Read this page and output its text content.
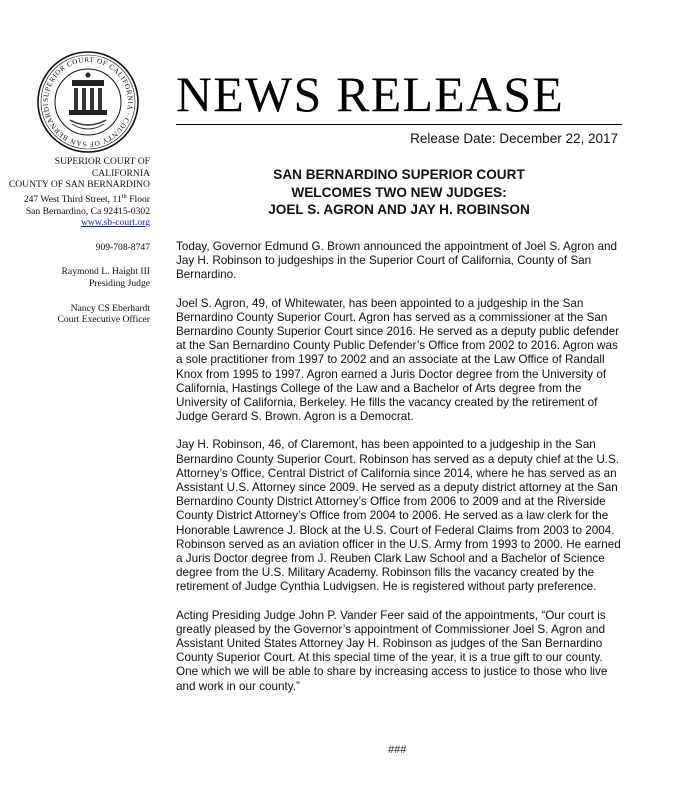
SUPERIOR COURT OF CALIFORNIA · COUNTY OF SAN BERNARDI	NEWS RELEASE
Release Date: December 22, 2017
SUPERIOR COURT OF
CALIFORNIA
COUNTY OF SAN BERNARDINO
247 West Third Street, 11th Floor
San Bernardino, Ca 92415-0302
www.sb-court.org
909-708-8747
Raymond L. Haight III
Presiding Judge
Nancy CS Eberhardt
Court Executive Officer
SAN BERNARDINO SUPERIOR COURT
WELCOMES TWO NEW JUDGES:
JOEL S. AGRON AND JAY H. ROBINSON

Today, Governor Edmund G. Brown announced the appointment of Joel S. Agron and Jay H. Robinson to judgeships in the Superior Court of California, County of San Bernardino.

Joel S. Agron, 49, of Whitewater, has been appointed to a judgeship in the San Bernardino County Superior Court. Agron has served as a commissioner at the San Bernardino County Superior Court since 2016. He served as a deputy public defender at the San Bernardino County Public Defender’s Office from 2002 to 2016. Agron was a sole practitioner from 1997 to 2002 and an associate at the Law Office of Randall Knox from 1995 to 1997. Agron earned a Juris Doctor degree from the University of California, Hastings College of the Law and a Bachelor of Arts degree from the University of California, Berkeley. He fills the vacancy created by the retirement of Judge Gerard S. Brown. Agron is a Democrat.

Jay H. Robinson, 46, of Claremont, has been appointed to a judgeship in the San Bernardino County Superior Court. Robinson has served as a deputy chief at the U.S. Attorney’s Office, Central District of California since 2014, where he has served as an Assistant U.S. Attorney since 2009. He served as a deputy district attorney at the San Bernardino County District Attorney’s Office from 2006 to 2009 and at the Riverside County District Attorney’s Office from 2004 to 2006. He served as a law clerk for the Honorable Lawrence J. Block at the U.S. Court of Federal Claims from 2003 to 2004. Robinson served as an aviation officer in the U.S. Army from 1993 to 2000. He earned a Juris Doctor degree from J. Reuben Clark Law School and a Bachelor of Science degree from the U.S. Military Academy. Robinson fills the vacancy created by the retirement of Judge Cynthia Ludvigsen. He is registered without party preference.

Acting Presiding Judge John P. Vander Feer said of the appointments, “Our court is greatly pleased by the Governor’s appointment of Commissioner Joel S. Agron and Assistant United States Attorney Jay H. Robinson as judges of the San Bernardino County Superior Court. At this special time of the year, it is a true gift to our county. One which we will be able to share by increasing access to justice to those who live and work in our county.”

###
